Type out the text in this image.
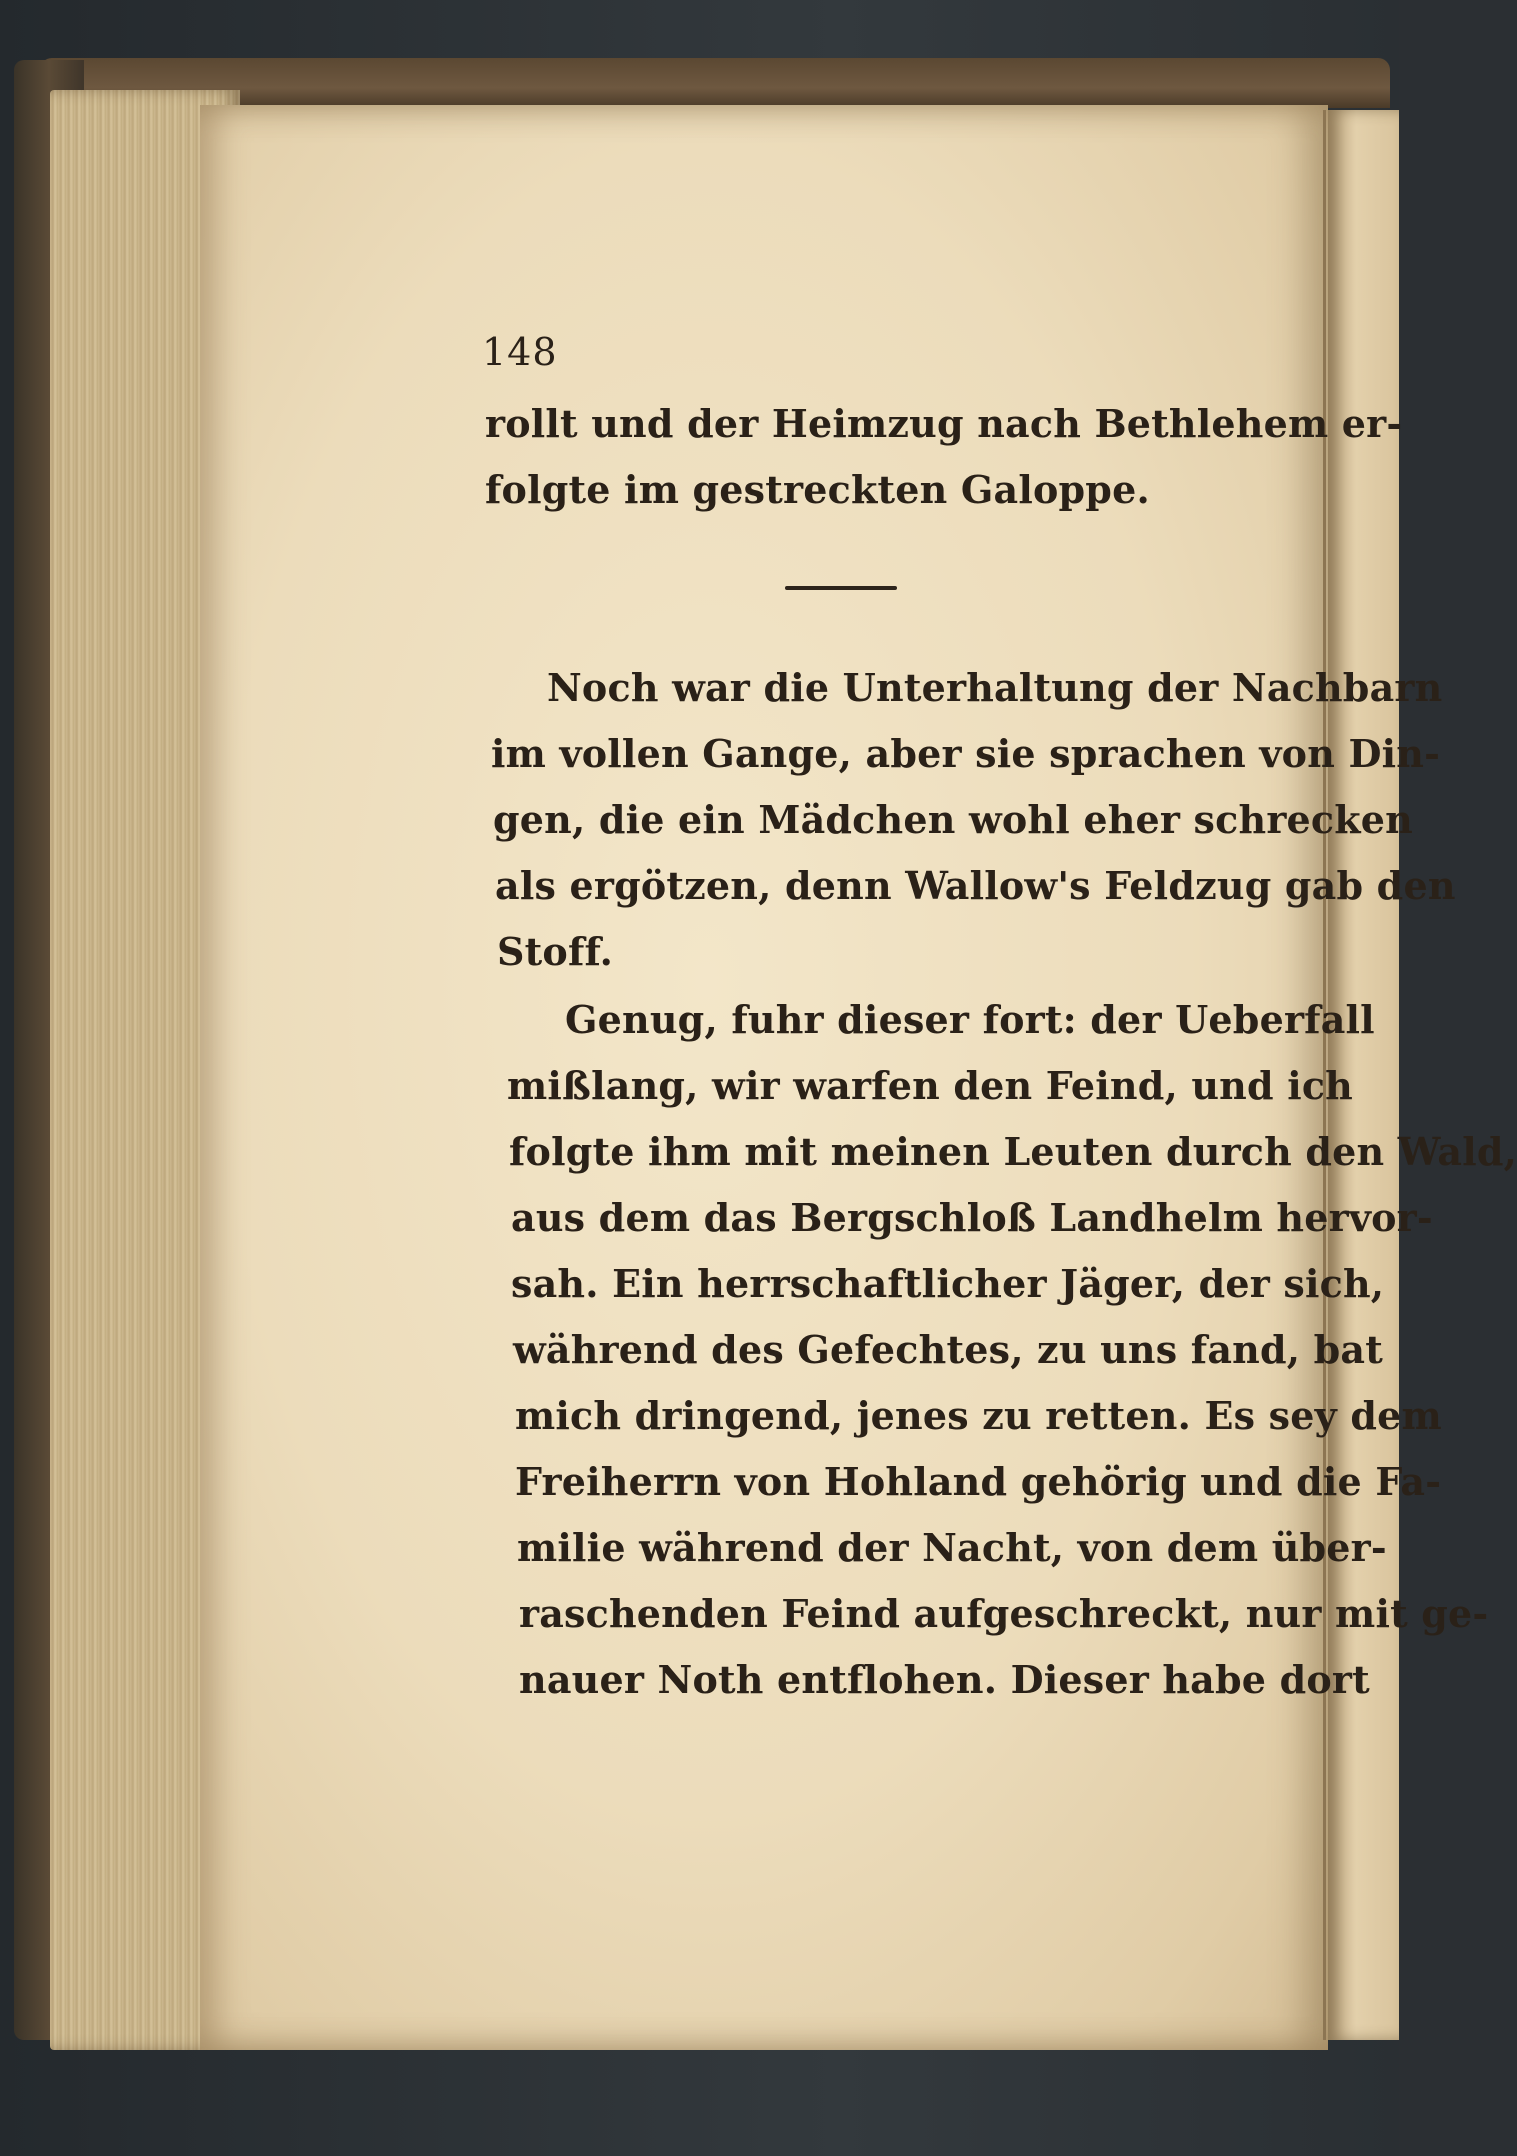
148
rollt und der Heimzug nach Bethlehem er-
folgte im gestreckten Galoppe.
Noch war die Unterhaltung der Nachbarn
im vollen Gange, aber sie sprachen von Din-
gen, die ein Mädchen wohl eher schrecken
als ergötzen, denn Wallow's Feldzug gab den
Stoff.
Genug, fuhr dieser fort: der Ueberfall
mißlang, wir warfen den Feind, und ich
folgte ihm mit meinen Leuten durch den Wald,
aus dem das Bergschloß Landhelm hervor-
sah. Ein herrschaftlicher Jäger, der sich,
während des Gefechtes, zu uns fand, bat
mich dringend, jenes zu retten. Es sey dem
Freiherrn von Hohland gehörig und die Fa-
milie während der Nacht, von dem über-
raschenden Feind aufgeschreckt, nur mit ge-
nauer Noth entflohen. Dieser habe dort
